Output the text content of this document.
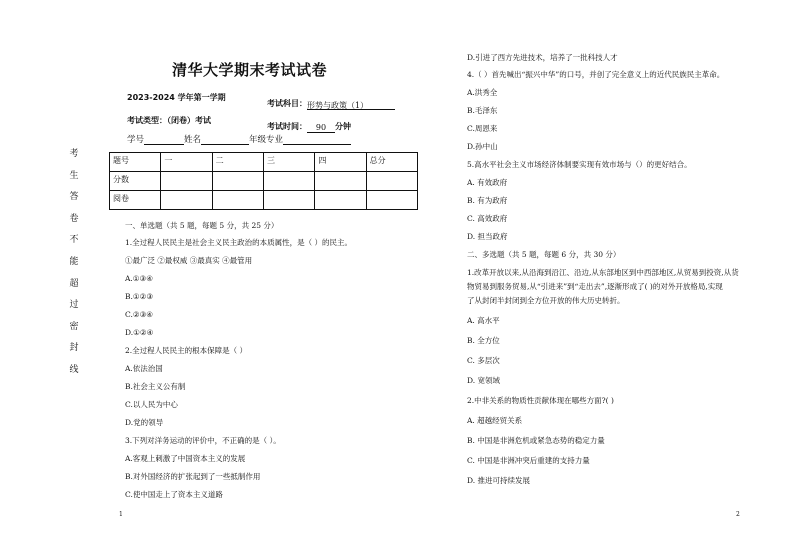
考
生
答
卷
不
能
超
过
密
封
线
清华大学期末考试试卷
2023-2024 学年第一学期
考试科目：形势与政策（1）
考试类型：（闭卷）考试
考试时间： 90 分钟
学号	姓名	年级专业
题号	一	二	三	四	总分
分数					
阅卷					
一、单选题（共 5 题，每题 5 分，共 25 分）
1.全过程人民民主是社会主义民主政治的本质属性，是（ ）的民主。
①最广泛 ②最权威 ③最真实 ④最管用
A.①③④
B.①②③
C.②③④
D.①②④
2.全过程人民民主的根本保障是（ ）
A.依法治国
B.社会主义公有制
C.以人民为中心
D.党的领导
3.下列对洋务运动的评价中，不正确的是（ ）。
A.客观上刺激了中国资本主义的发展
B.对外国经济的扩张起到了一些抵制作用
C.使中国走上了资本主义道路
1
D.引进了西方先进技术，培养了一批科技人才
4.（ ）首先喊出“振兴中华”的口号，并创了完全意义上的近代民族民主革命。
A.洪秀全
B.毛泽东
C.周恩来
D.孙中山
5.高水平社会主义市场经济体制要实现有效市场与（）的更好结合。
A. 有效政府
B. 有为政府
C. 高效政府
D. 担当政府
二、多选题（共 5 题，每题 6 分，共 30 分）
1.改革开放以来,从沿海到沿江、沿边,从东部地区到中西部地区,从贸易到投资,从货
物贸易到服务贸易,从“引进来”到“走出去”,逐渐形成了( )的对外开放格局,实现
了从封闭半封闭到全方位开放的伟大历史转折。
A. 高水平
B. 全方位
C. 多层次
D. 宽领域
2.中非关系的物质性贡献体现在哪些方面?( )
A. 超越经贸关系
B. 中国是非洲危机或紧急态势的稳定力量
C. 中国是非洲冲突后重建的支持力量
D. 推进可持续发展
2
